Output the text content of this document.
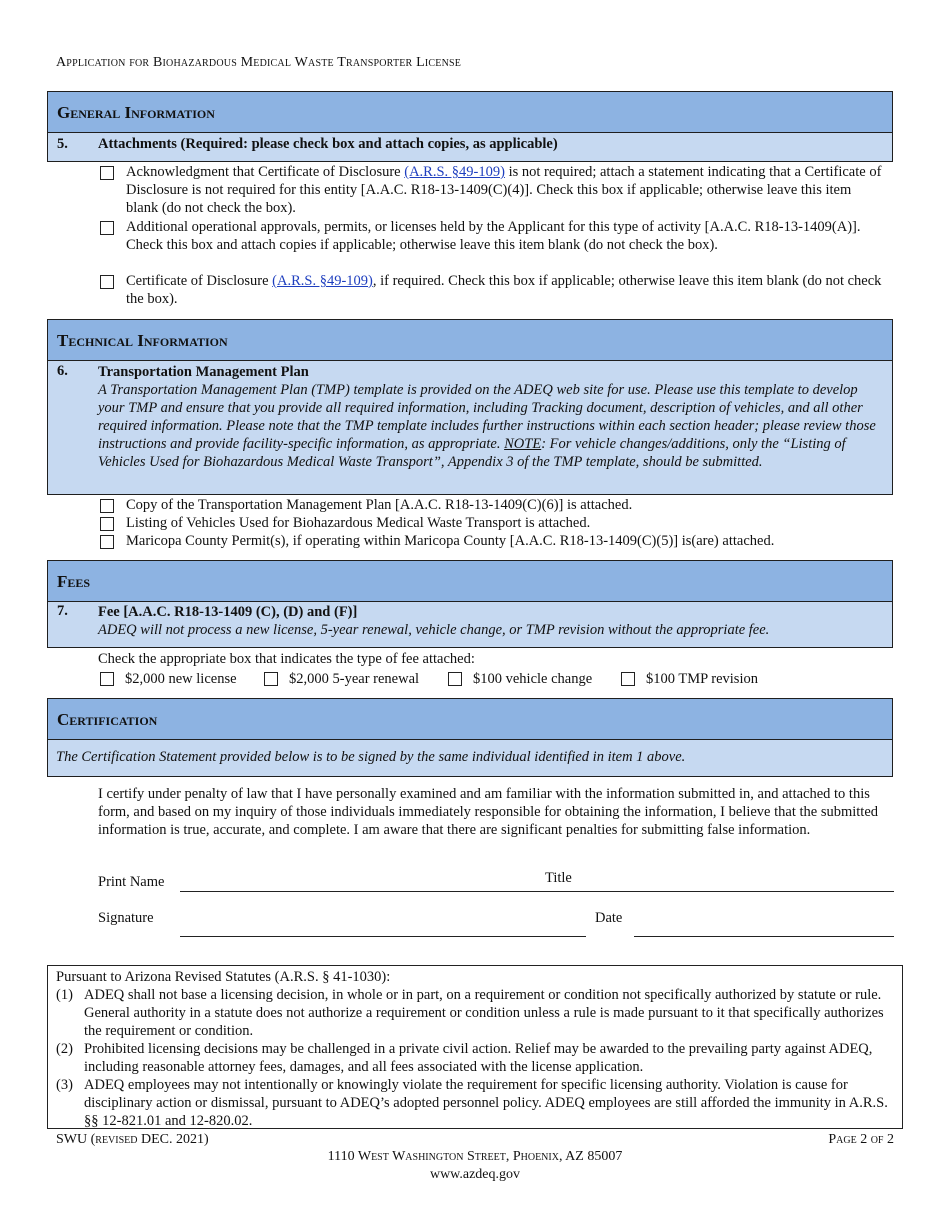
Application for Biohazardous Medical Waste Transporter License
General Information
5. Attachments (Required: please check box and attach copies, as applicable)
Acknowledgment that Certificate of Disclosure (A.R.S. §49-109) is not required; attach a statement indicating that a Certificate of Disclosure is not required for this entity [A.A.C. R18-13-1409(C)(4)]. Check this box if applicable; otherwise leave this item blank (do not check the box).
Additional operational approvals, permits, or licenses held by the Applicant for this type of activity [A.A.C. R18-13-1409(A)]. Check this box and attach copies if applicable; otherwise leave this item blank (do not check the box).
Certificate of Disclosure (A.R.S. §49-109), if required. Check this box if applicable; otherwise leave this item blank (do not check the box).
Technical Information
6. Transportation Management Plan
A Transportation Management Plan (TMP) template is provided on the ADEQ web site for use. Please use this template to develop your TMP and ensure that you provide all required information, including Tracking document, description of vehicles, and all other required information. Please note that the TMP template includes further instructions within each section header; please review those instructions and provide facility-specific information, as appropriate. NOTE: For vehicle changes/additions, only the “Listing of Vehicles Used for Biohazardous Medical Waste Transport”, Appendix 3 of the TMP template, should be submitted.
Copy of the Transportation Management Plan [A.A.C. R18-13-1409(C)(6)] is attached.
Listing of Vehicles Used for Biohazardous Medical Waste Transport is attached.
Maricopa County Permit(s), if operating within Maricopa County [A.A.C. R18-13-1409(C)(5)] is(are) attached.
Fees
7. Fee [A.A.C. R18-13-1409 (C), (D) and (F)]
ADEQ will not process a new license, 5-year renewal, vehicle change, or TMP revision without the appropriate fee.
Check the appropriate box that indicates the type of fee attached:
$2,000 new license	$2,000 5-year renewal	$100 vehicle change	$100 TMP revision
Certification
The Certification Statement provided below is to be signed by the same individual identified in item 1 above.
I certify under penalty of law that I have personally examined and am familiar with the information submitted in, and attached to this form, and based on my inquiry of those individuals immediately responsible for obtaining the information, I believe that the submitted information is true, accurate, and complete. I am aware that there are significant penalties for submitting false information.
Print Name	Title
Signature	Date
Pursuant to Arizona Revised Statutes (A.R.S. § 41-1030):
(1) ADEQ shall not base a licensing decision, in whole or in part, on a requirement or condition not specifically authorized by statute or rule. General authority in a statute does not authorize a requirement or condition unless a rule is made pursuant to it that specifically authorizes the requirement or condition.
(2) Prohibited licensing decisions may be challenged in a private civil action. Relief may be awarded to the prevailing party against ADEQ, including reasonable attorney fees, damages, and all fees associated with the license application.
(3) ADEQ employees may not intentionally or knowingly violate the requirement for specific licensing authority. Violation is cause for disciplinary action or dismissal, pursuant to ADEQ’s adopted personnel policy. ADEQ employees are still afforded the immunity in A.R.S. §§ 12-821.01 and 12-820.02.
SWU (revised DEC. 2021)	Page 2 of 2
1110 West Washington Street, Phoenix, AZ 85007
www.azdeq.gov
